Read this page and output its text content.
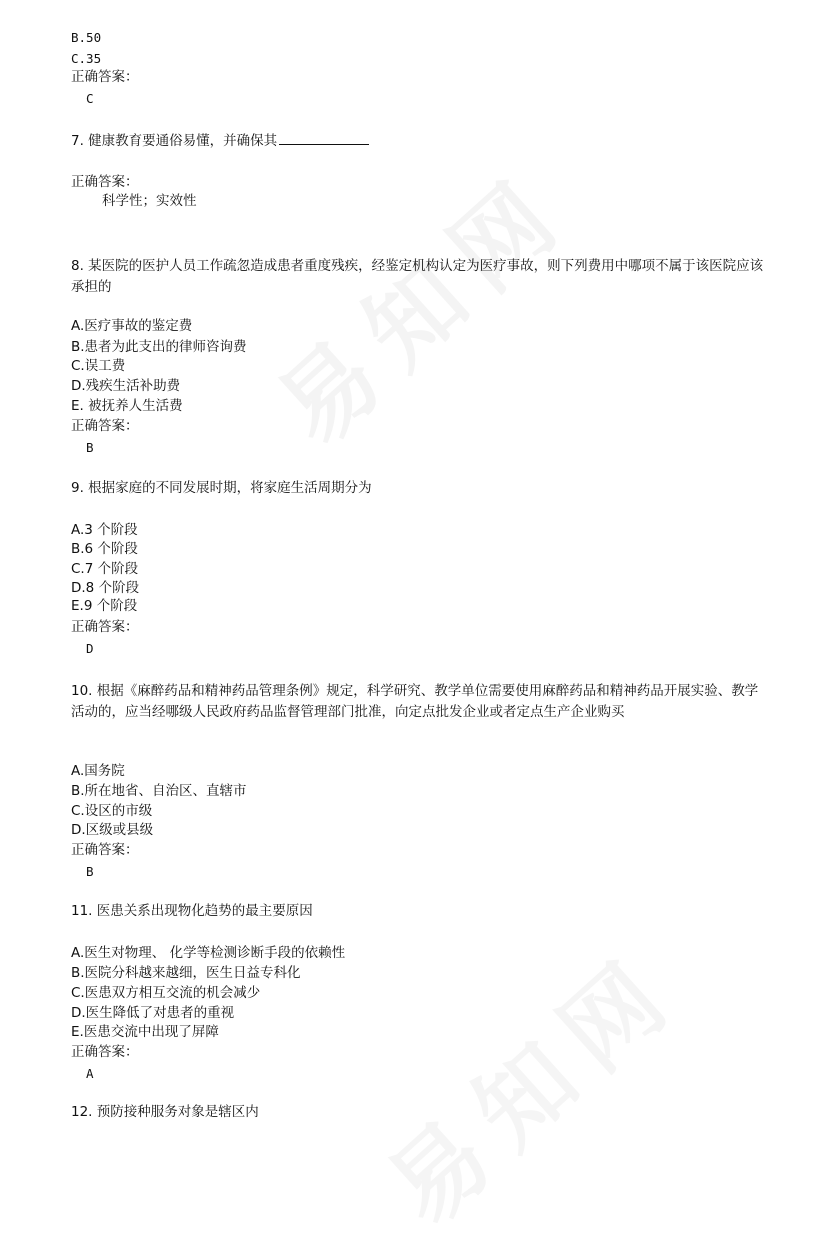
B.50
C.35
正确答案：
C
7. 健康教育要通俗易懂，并确保其
正确答案：
科学性；实效性
8. 某医院的医护人员工作疏忽造成患者重度残疾，经鉴定机构认定为医疗事故，则下列费用中哪项不属于该医院应该承担的
A.医疗事故的鉴定费
B.患者为此支出的律师咨询费
C.误工费
D.残疾生活补助费
E. 被抚养人生活费
正确答案：
B
9. 根据家庭的不同发展时期，将家庭生活周期分为
A.3 个阶段
B.6 个阶段
C.7 个阶段
D.8 个阶段
E.9 个阶段
正确答案：
D
10. 根据《麻醉药品和精神药品管理条例》规定，科学研究、教学单位需要使用麻醉药品和精神药品开展实验、教学活动的，应当经哪级人民政府药品监督管理部门批准，向定点批发企业或者定点生产企业购买
A.国务院
B.所在地省、自治区、直辖市
C.设区的市级
D.区级或县级
正确答案：
B
11. 医患关系出现物化趋势的最主要原因
A.医生对物理、 化学等检测诊断手段的依赖性
B.医院分科越来越细，医生日益专科化
C.医患双方相互交流的机会减少
D.医生降低了对患者的重视
E.医患交流中出现了屏障
正确答案：
A
12. 预防接种服务对象是辖区内
